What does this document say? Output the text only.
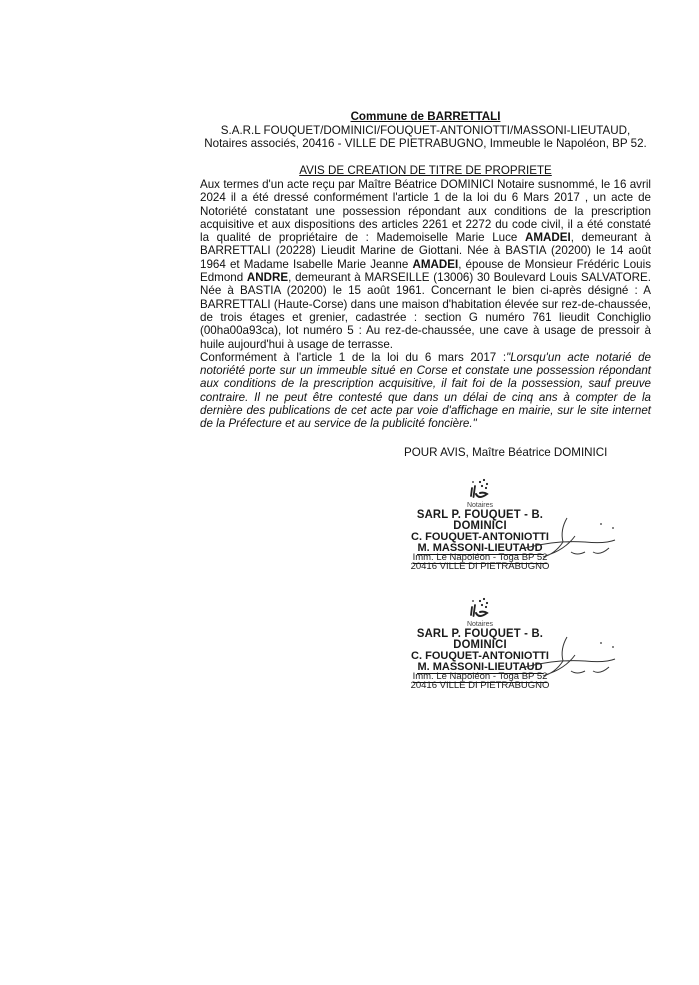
Commune de BARRETTALI
S.A.R.L FOUQUET/DOMINICI/FOUQUET-ANTONIOTTI/MASSONI-LIEUTAUD,
Notaires associés, 20416 - VILLE DE PIETRABUGNO, Immeuble le Napoléon, BP 52.
AVIS DE CREATION DE TITRE DE PROPRIETE

Aux termes d'un acte reçu par Maître Béatrice DOMINICI Notaire susnommé, le 16 avril 2024 il a été dressé conformément l'article 1 de la loi du 6 Mars 2017 , un acte de Notoriété constatant une possession répondant aux conditions de la prescription acquisitive et aux dispositions des articles 2261 et 2272 du code civil, il a été constaté la qualité de propriétaire de : Mademoiselle Marie Luce AMADEI, demeurant à BARRETTALI (20228) Lieudit Marine de Giottani. Née à BASTIA (20200) le 14 août 1964 et Madame Isabelle Marie Jeanne AMADEI, épouse de Monsieur Frédéric Louis Edmond ANDRE, demeurant à MARSEILLE (13006) 30 Boulevard Louis SALVATORE. Née à BASTIA (20200) le 15 août 1961. Concernant le bien ci-après désigné : A BARRETTALI (Haute-Corse) dans une maison d'habitation élevée sur rez-de-chaussée, de trois étages et grenier, cadastrée : section G numéro 761 lieudit Conchiglio (00ha00a93ca), lot numéro 5 : Au rez-de-chaussée, une cave à usage de pressoir à huile aujourd'hui à usage de terrasse.

Conformément à l'article 1 de la loi du 6 mars 2017 :"Lorsqu'un acte notarié de notoriété porte sur un immeuble situé en Corse et constate une possession répondant aux conditions de la prescription acquisitive, il fait foi de la possession, sauf preuve contraire. Il ne peut être contesté que dans un délai de cinq ans à compter de la dernière des publications de cet acte par voie d'affichage en mairie, sur le site internet de la Préfecture et au service de la publicité foncière."

POUR AVIS, Maître Béatrice DOMINICI
Notaires
SARL P. FOUQUET - B. DOMINICI
C. FOUQUET-ANTONIOTTI
M. MASSONI-LIEUTAUD
Imm. Le Napoléon - Toga BP 52
20416 VILLE DI PIETRABUGNO
Notaires
SARL P. FOUQUET - B. DOMINICI
C. FOUQUET-ANTONIOTTI
M. MASSONI-LIEUTAUD
Imm. Le Napoléon - Toga BP 52
20416 VILLE DI PIETRABUGNO
